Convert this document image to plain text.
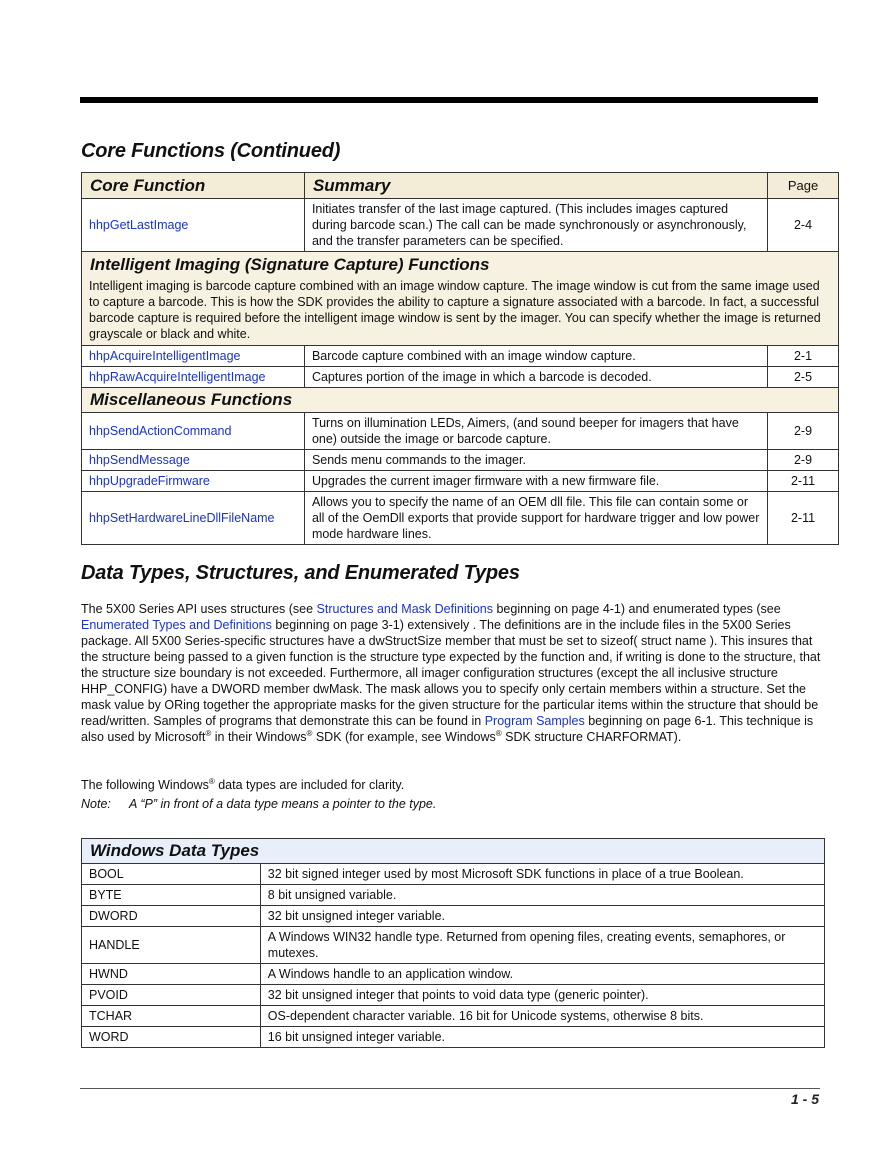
Core Functions (Continued)
Core Function	Summary	Page
hhpGetLastImage	Initiates transfer of the last image captured. (This includes images captured during barcode scan.) The call can be made synchronously or asynchronously, and the transfer parameters can be specified.	2-4

Intelligent Imaging (Signature Capture) Functions
Intelligent imaging is barcode capture combined with an image window capture. The image window is cut from the same image used to capture a barcode. This is how the SDK provides the ability to capture a signature associated with a barcode. In fact, a successful barcode capture is required before the intelligent image window is sent by the imager. You can specify whether the image is returned grayscale or black and white.		

hhpAcquireIntelligentImage	Barcode capture combined with an image window capture.	2-1
hhpRawAcquireIntelligentImage	Captures portion of the image in which a barcode is decoded.	2-5

Miscellaneous Functions		

hhpSendActionCommand	Turns on illumination LEDs, Aimers, (and sound beeper for imagers that have one) outside the image or barcode capture.	2-9
hhpSendMessage	Sends menu commands to the imager.	2-9
hhpUpgradeFirmware	Upgrades the current imager firmware with a new firmware file.	2-11
hhpSetHardwareLineDllFileName	Allows you to specify the name of an OEM dll file. This file can contain some or all of the OemDll exports that provide support for hardware trigger and low power mode hardware lines.	2-11
Data Types, Structures, and Enumerated Types

The 5X00 Series API uses structures (see Structures and Mask Definitions beginning on page 4-1) and enumerated types (see Enumerated Types and Definitions beginning on page 3-1) extensively . The definitions are in the include files in the 5X00 Series package. All 5X00 Series-specific structures have a dwStructSize member that must be set to sizeof( struct name ). This insures that the structure being passed to a given function is the structure type expected by the function and, if writing is done to the structure, that the structure size boundary is not exceeded. Furthermore, all imager configuration structures (except the all inclusive structure HHP_CONFIG) have a DWORD member dwMask. The mask allows you to specify only certain members within a structure. Set the mask value by ORing together the appropriate masks for the given structure for the particular items within the structure that should be read/written. Samples of programs that demonstrate this can be found in Program Samples beginning on page 6-1. This technique is also used by Microsoft® in their Windows® SDK (for example, see Windows® SDK structure CHARFORMAT).

The following Windows® data types are included for clarity.

Note: A “P” in front of a data type means a pointer to the type.
Windows Data Types	
BOOL	32 bit signed integer used by most Microsoft SDK functions in place of a true Boolean.
BYTE	8 bit unsigned variable.
DWORD	32 bit unsigned integer variable.
HANDLE	A Windows WIN32 handle type. Returned from opening files, creating events, semaphores, or mutexes.
HWND	A Windows handle to an application window.
PVOID	32 bit unsigned integer that points to void data type (generic pointer).
TCHAR	OS-dependent character variable. 16 bit for Unicode systems, otherwise 8 bits.
WORD	16 bit unsigned integer variable.
1 - 5
